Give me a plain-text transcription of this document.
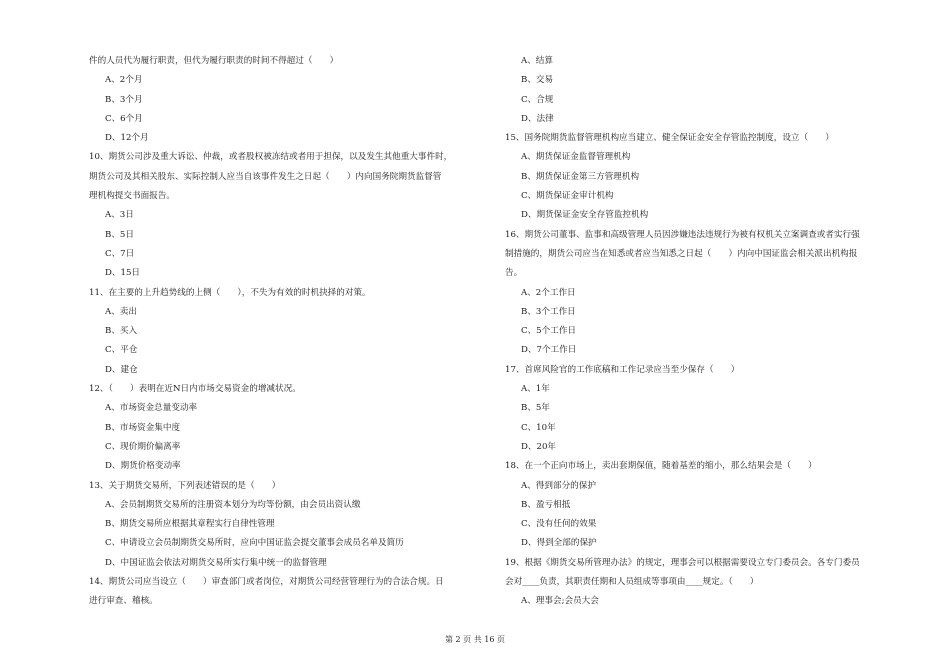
件的人员代为履行职责，但代为履行职责的时间不得超过（　　）
A、2个月
B、3个月
C、6个月
D、12个月
10、期货公司涉及重大诉讼、仲裁，或者股权被冻结或者用于担保，以及发生其他重大事件时，
期货公司及其相关股东、实际控制人应当自该事件发生之日起（　　）内向国务院期货监督管
理机构提交书面报告。
A、3日
B、5日
C、7日
D、15日
11、在主要的上升趋势线的上侧（　　），不失为有效的时机抉择的对策。
A、卖出
B、买入
C、平仓
D、建仓
12、（　　）表明在近N日内市场交易资金的增减状况。
A、市场资金总量变动率
B、市场资金集中度
C、现价期价偏离率
D、期货价格变动率
13、关于期货交易所，下列表述错误的是（　　）
A、会员制期货交易所的注册资本划分为均等份额，由会员出资认缴
B、期货交易所应根据其章程实行自律性管理
C、申请设立会员制期货交易所时，应向中国证监会提交董事会成员名单及简历
D、中国证监会依法对期货交易所实行集中统一的监督管理
14、期货公司应当设立（　　）审查部门或者岗位，对期货公司经营管理行为的合法合规。日
进行审查、稽核。
A、结算
B、交易
C、合规
D、法律
15、国务院期货监督管理机构应当建立、健全保证金安全存管监控制度，设立（　　）
A、期货保证金监督管理机构
B、期货保证金第三方管理机构
C、期货保证金审计机构
D、期货保证金安全存管监控机构
16、期货公司董事、监事和高级管理人员因涉嫌违法违规行为被有权机关立案调查或者实行强
制措施的，期货公司应当在知悉或者应当知悉之日起（　　）内向中国证监会相关派出机构报
告。
A、2个工作日
B、3个工作日
C、5个工作日
D、7个工作日
17、首席风险官的工作底稿和工作记录应当至少保存（　　）
A、1年
B、5年
C、10年
D、20年
18、在一个正向市场上，卖出套期保值，随着基差的缩小，那么结果会是（　　）
A、得到部分的保护
B、盈亏相抵
C、没有任何的效果
D、得到全部的保护
19、根据《期货交易所管理办法》的规定，理事会可以根据需要设立专门委员会。各专门委员
会对____负责，其职责任期和人员组成等事项由____规定。（　　）
A、理事会;会员大会
第 2 页 共 16 页
